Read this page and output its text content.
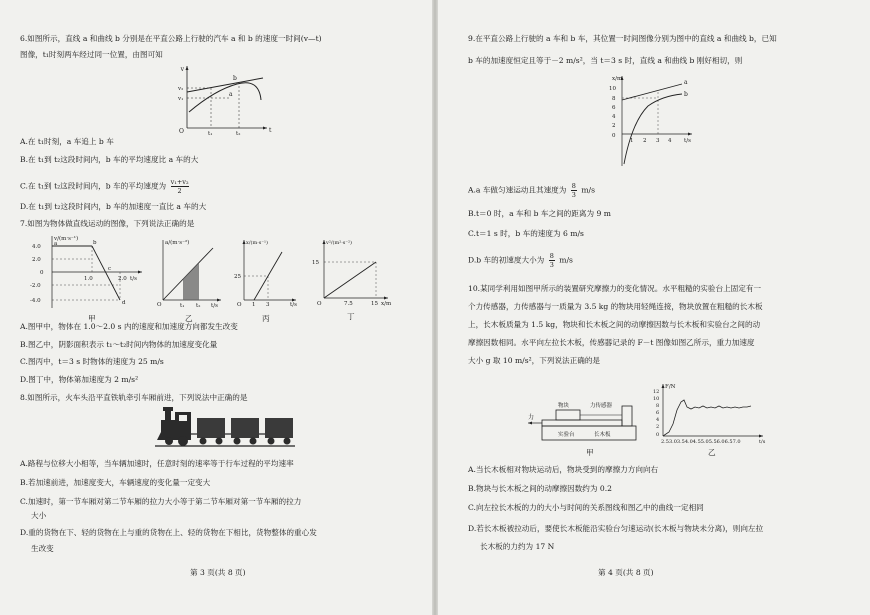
6.如图所示，直线 a 和曲线 b 分别是在平直公路上行驶的汽车 a 和 b 的速度一时间(v—t)
图像，t₁时刻两车经过同一位置，由图可知
v
t
O
v₂
v₁
t₁	t₂
b
a
A.在 t₁时刻，a 车追上 b 车
B.在 t₁到 t₂这段时间内，b 车的平均速度比 a 车的大
C.在 t₁到 t₂这段时间内，b 车的平均速度为 $\frac{\text{v₁+v₂}}{2}$
D.在 t₁到 t₂这段时间内，b 车的加速度一直比 a 车的大
7.如图为物体做直线运动的图像，下列说法正确的是
v/(m·s⁻¹)
4.0
2.0
0
-2.0
-4.0
1.0	2.0 t/s
a	b
c
d
甲
a/(m·s⁻²)
O	t₁ t₂ t/s
乙
x/(m·s⁻¹)
25
O 1 3	t/s
丙
v²/(m²·s⁻²)
15
O	7.5	15 x/m
丁
A.图甲中，物体在 1.0～2.0 s 内的速度和加速度方向都发生改变
B.图乙中，阴影面积表示 t₁～t₂时间内物体的加速度变化量
C.图丙中，t＝3 s 时物体的速度为 25 m/s
D.图丁中，物体第加速度为 2 m/s²
8.如图所示，火车头沿平直铁轨牵引车厢前进，下列说法中正确的是
A.路程与位移大小相等，当车辆加速时，任意时刻的速率等于行车过程的平均速率
B.若加速前进，加速度变大，车辆速度的变化量一定变大
C.加速时，第一节车厢对第二节车厢的拉力大小等于第二节车厢对第一节车厢的拉力
大小
D.重的货物在下、轻的货物在上与重的货物在上、轻的货物在下相比，货物整体的重心发
生改变
第 3 页(共 8 页)
9.在平直公路上行驶的 a 车和 b 车，其位置一时间图像分别为图中的直线 a 和曲线 b，已知
b 车的加速度恒定且等于－2 m/s²，当 t＝3 s 时，直线 a 和曲线 b 刚好相切，则
x/m
10
8
6
4
2
0
1 2 3 4 t/s
a
b
A.a 车做匀速运动且其速度为 $\frac{8}{3} m/s$
B.t＝0 时，a 车和 b 车之间的距离为 9 m
C.t＝1 s 时，b 车的速度为 6 m/s
D.b 车的初速度大小为 $\frac{8}{3} m/s$
10.某同学利用如图甲所示的装置研究摩擦力的变化情况。水平粗糙的实验台上固定有一
个力传感器，力传感器与一质量为 3.5 kg 的物块用轻绳连接，物块放置在粗糙的长木板
上，长木板质量为 1.5 kg，物块和长木板之间的动摩擦因数与长木板和实验台之间的动
摩擦因数相同。水平向左拉长木板，传感器记录的 F－t 图像如图乙所示，重力加速度
大小 g 取 10 m/s²，下列说法正确的是
力
物块	力传感器
实验台	长木板
甲
F/N
12
10
8
6
4
2
0
2.53.03.54.04.55.05.56.06.57.0	t/s
乙
A.当长木板相对物块运动后，物块受到的摩擦力方向向右
B.物块与长木板之间的动摩擦因数约为 0.2
C.向左拉长木板的力的大小与时间的关系图线和图乙中的曲线一定相同
D.若长木板被拉动后，要使长木板能沿实验台匀速运动(长木板与物块未分离)，则向左拉
长木板的力约为 17 N
第 4 页(共 8 页)
